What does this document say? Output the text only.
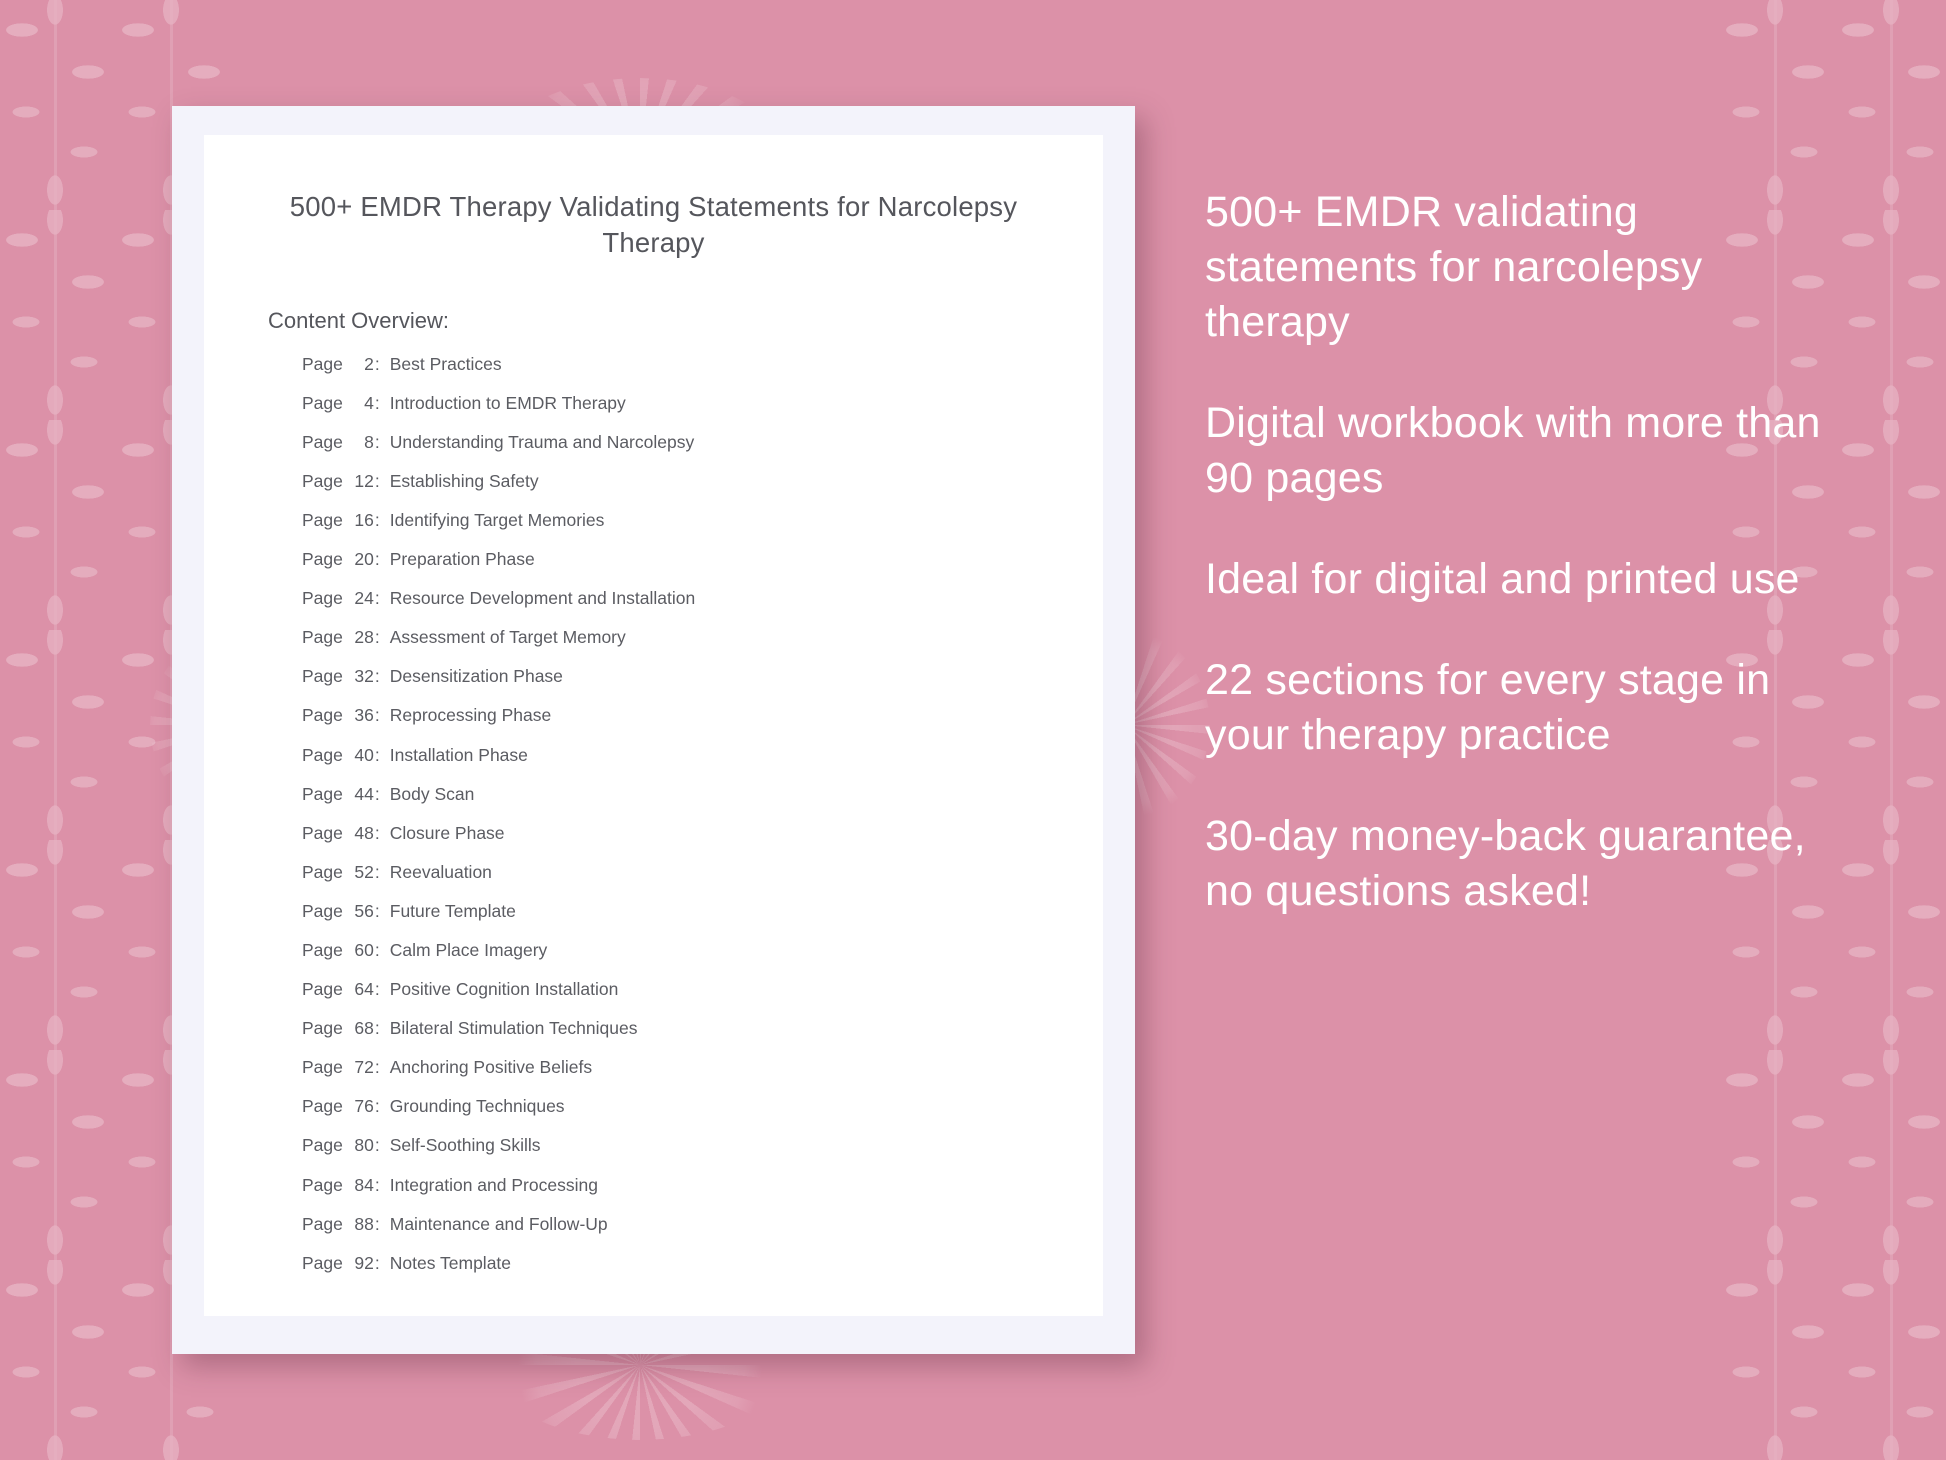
500+ EMDR Therapy Validating Statements for Narcolepsy Therapy
Content Overview:
Page	2 : Best Practices
Page	4 : Introduction to EMDR Therapy
Page	8 : Understanding Trauma and Narcolepsy
Page 12 : Establishing Safety
Page 16 : Identifying Target Memories
Page 20 : Preparation Phase
Page 24 : Resource Development and Installation
Page 28 : Assessment of Target Memory
Page 32 : Desensitization Phase
Page 36 : Reprocessing Phase
Page 40 : Installation Phase
Page 44 : Body Scan
Page 48 : Closure Phase
Page 52 : Reevaluation
Page 56 : Future Template
Page 60 : Calm Place Imagery
Page 64 : Positive Cognition Installation
Page 68 : Bilateral Stimulation Techniques
Page 72 : Anchoring Positive Beliefs
Page 76 : Grounding Techniques
Page 80 : Self-Soothing Skills
Page 84 : Integration and Processing
Page 88 : Maintenance and Follow-Up
Page 92 : Notes Template

500+ EMDR validating statements for narcolepsy therapy

Digital workbook with more than 90 pages

Ideal for digital and printed use

22 sections for every stage in your therapy practice

30-day money-back guarantee, no questions asked!
